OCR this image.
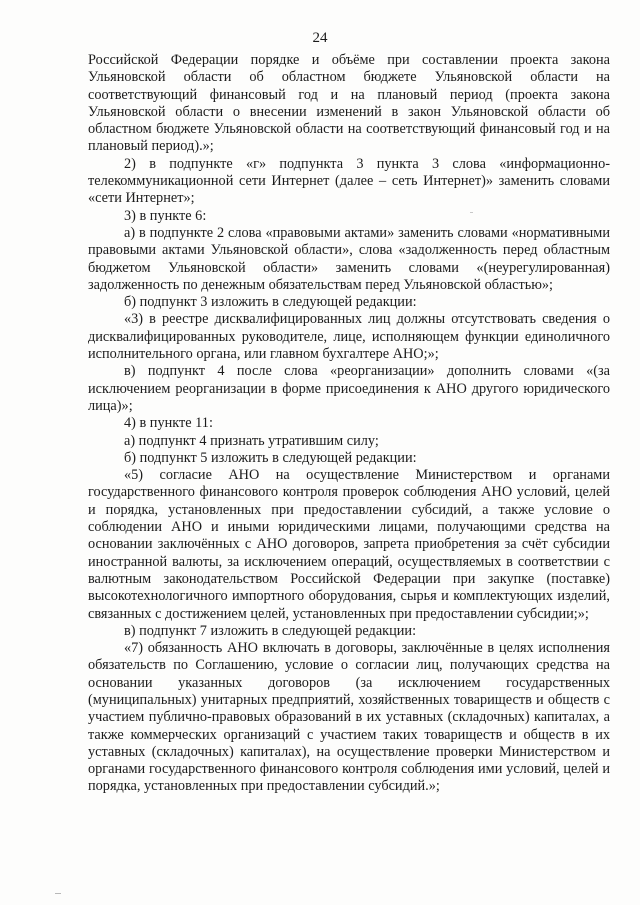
24

Российской Федерации порядке и объёме при составлении проекта закона Ульяновской области об областном бюджете Ульяновской области на соответствующий финансовый год и на плановый период (проекта закона Ульяновской области о внесении изменений в закон Ульяновской области об областном бюджете Ульяновской области на соответствующий финансовый год и на плановый период).»;

2) в подпункте «г» подпункта 3 пункта 3 слова «информационно-телекоммуникационной сети Интернет (далее – сеть Интернет)» заменить словами «сети Интернет»;

3) в пункте 6:

а) в подпункте 2 слова «правовыми актами» заменить словами «нормативными правовыми актами Ульяновской области», слова «задолженность перед областным бюджетом Ульяновской области» заменить словами «(неурегулированная) задолженность по денежным обязательствам перед Ульяновской областью»;

б) подпункт 3 изложить в следующей редакции:

«3) в реестре дисквалифицированных лиц должны отсутствовать сведения о дисквалифицированных руководителе, лице, исполняющем функции единоличного исполнительного органа, или главном бухгалтере АНО;»;

в) подпункт 4 после слова «реорганизации» дополнить словами «(за исключением реорганизации в форме присоединения к АНО другого юридического лица)»;

4) в пункте 11:

а) подпункт 4 признать утратившим силу;

б) подпункт 5 изложить в следующей редакции:

«5) согласие АНО на осуществление Министерством и органами государственного финансового контроля проверок соблюдения АНО условий, целей и порядка, установленных при предоставлении субсидий, а также условие о соблюдении АНО и иными юридическими лицами, получающими средства на основании заключённых с АНО договоров, запрета приобретения за счёт субсидии иностранной валюты, за исключением операций, осуществляемых в соответствии с валютным законодательством Российской Федерации при закупке (поставке) высокотехнологичного импортного оборудования, сырья и комплектующих изделий, связанных с достижением целей, установленных при предоставлении субсидии;»;

в) подпункт 7 изложить в следующей редакции:

«7) обязанность АНО включать в договоры, заключённые в целях исполнения обязательств по Соглашению, условие о согласии лиц, получающих средства на основании указанных договоров (за исключением государственных (муниципальных) унитарных предприятий, хозяйственных товариществ и обществ с участием публично-правовых образований в их уставных (складочных) капиталах, а также коммерческих организаций с участием таких товариществ и обществ в их уставных (складочных) капиталах), на осуществление проверки Министерством и органами государственного финансового контроля соблюдения ими условий, целей и порядка, установленных при предоставлении субсидий.»;
